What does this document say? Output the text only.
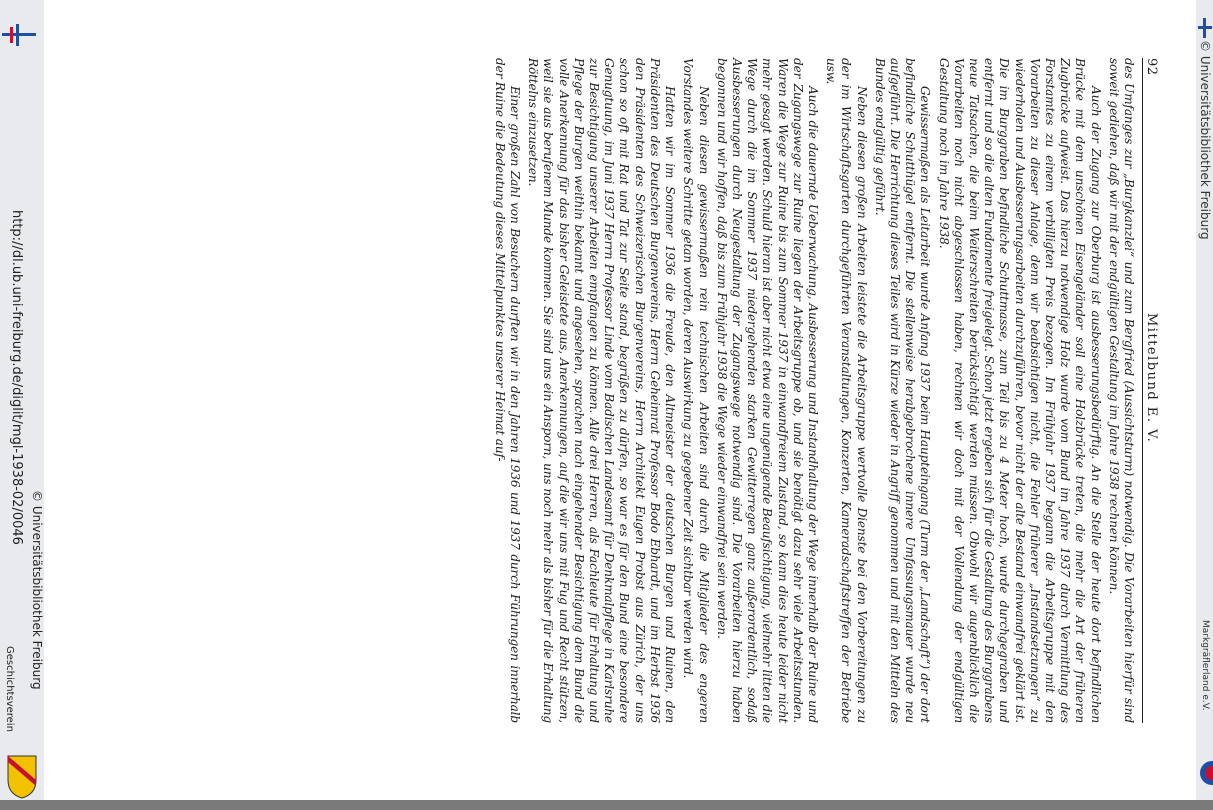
92
Mittelbund E. V.

des Umfanges zur „Burgkanzlei“ und zum Bergfried (Aussichtsturm) notwendig. Die Vorarbeiten hierfür sind soweit gediehen, daß wir mit der endgültigen Gestaltung im Jahre 1938 rechnen können.

Auch der Zugang zur Oberburg ist ausbesserungsbedürftig. An die Stelle der heute dort befindlichen Brücke mit dem unschönen Eisengeländer soll eine Holzbrücke treten, die mehr die Art der früheren Zugbrücke aufweist. Das hierzu notwendige Holz wurde vom Bund im Jahre 1937 durch Vermittlung des Forstamtes zu einem verbilligten Preis bezogen. Im Frühjahr 1937 begann die Arbeitsgruppe mit den Vorarbeiten zu dieser Anlage, denn wir beabsichtigen nicht, die Fehler früherer „Instandsetzungen“ zu wiederholen und Ausbesserungsarbeiten durchzuführen, bevor nicht der alte Bestand einwandfrei geklärt ist. Die im Burggraben befindliche Schuttmasse, zum Teil bis zu 4 Meter hoch, wurde durchgegraben und entfernt und so die alten Fundamente freigelegt. Schon jetzt ergeben sich für die Gestaltung des Burggrabens neue Tatsachen, die beim Weiterschreiten berücksichtigt werden müssen. Obwohl wir augenblicklich die Vorarbeiten noch nicht abgeschlossen haben, rechnen wir doch mit der Vollendung der endgültigen Gestaltung noch im Jahre 1938.

Gewissermaßen als Leitarbeit wurde Anfang 1937 beim Haupteingang (Turm der „Landschaft“) der dort befindliche Schutthügel entfernt. Die stellenweise herabgebrochene innere Umfassungsmauer wurde neu aufgeführt. Die Herrichtung dieses Teiles wird in Kürze wieder in Angriff genommen und mit den Mitteln des Bundes endgültig geführt.

Neben diesen großen Arbeiten leistete die Arbeitsgruppe wertvolle Dienste bei den Vorbereitungen zu der im Wirtschaftsgarten durchgeführten Veranstaltungen, Konzerten, Kameradschaftstreffen der Betriebe usw.

Auch die dauernde Ueberwachung, Ausbesserung und Instandhaltung der Wege innerhalb der Ruine und der Zugangswege zur Ruine liegen der Arbeitsgruppe ob, und sie benötigt dazu sehr viele Arbeitsstunden. Waren die Wege zur Ruine bis zum Sommer 1937 in einwandfreiem Zustand, so kann dies heute leider nicht mehr gesagt werden. Schuld hieran ist aber nicht etwa eine ungenügende Beaufsichtigung, vielmehr litten die Wege durch die im Sommer 1937 niedergehenden starken Gewitterregen ganz außerordentlich, sodaß Ausbesserungen durch Neugestaltung der Zugangswege notwendig sind. Die Vorarbeiten hierzu haben begonnen und wir hoffen, daß bis zum Frühjahr 1938 die Wege wieder einwandfrei sein werden.

Neben diesen gewissermaßen rein technischen Arbeiten sind durch die Mitglieder des engeren Vorstandes weitere Schritte getan worden, deren Auswirkung zu gegebener Zeit sichtbar werden wird.

Hatten wir im Sommer 1936 die Freude, den Altmeister der deutschen Burgen und Ruinen, den Präsidenten des Deutschen Burgenvereins, Herrn Geheimrat Professor Bodo Ebhardt, und im Herbst 1936 den Präsidenten des Schweizerischen Burgenvereins, Herrn Architekt Eugen Probst aus Zürich, der uns schon so oft mit Rat und Tat zur Seite stand, begrüßen zu dürfen, so war es für den Bund eine besondere Genugtuung, im Juni 1937 Herrn Professor Linde vom Badischen Landesamt für Denkmalpflege in Karlsruhe zur Besichtigung unserer Arbeiten empfangen zu können. Alle drei Herren, als Fachleute für Erhaltung und Pflege der Burgen weithin bekannt und angesehen, sprachen nach eingehender Besichtigung dem Bund die volle Anerkennung für das bisher Geleistete aus, Anerkennungen, auf die wir uns mit Fug und Recht stützen, weil sie aus berufenem Munde kommen. Sie sind uns ein Ansporn, uns noch mehr als bisher für die Erhaltung Röttelns einzusetzen.

Einer großen Zahl von Besuchern durften wir in den Jahren 1936 und 1937 durch Führungen innerhalb der Ruine die Bedeutung dieses Mittelpunktes unserer Heimat auf-

http://dl.ub.uni-freiburg.de/diglit/mgl-1938-02/0046
© Universitätsbibliothek Freiburg
Geschichtsverein
© Universitätsbibliothek Freiburg
Markgräflerland e.V.
